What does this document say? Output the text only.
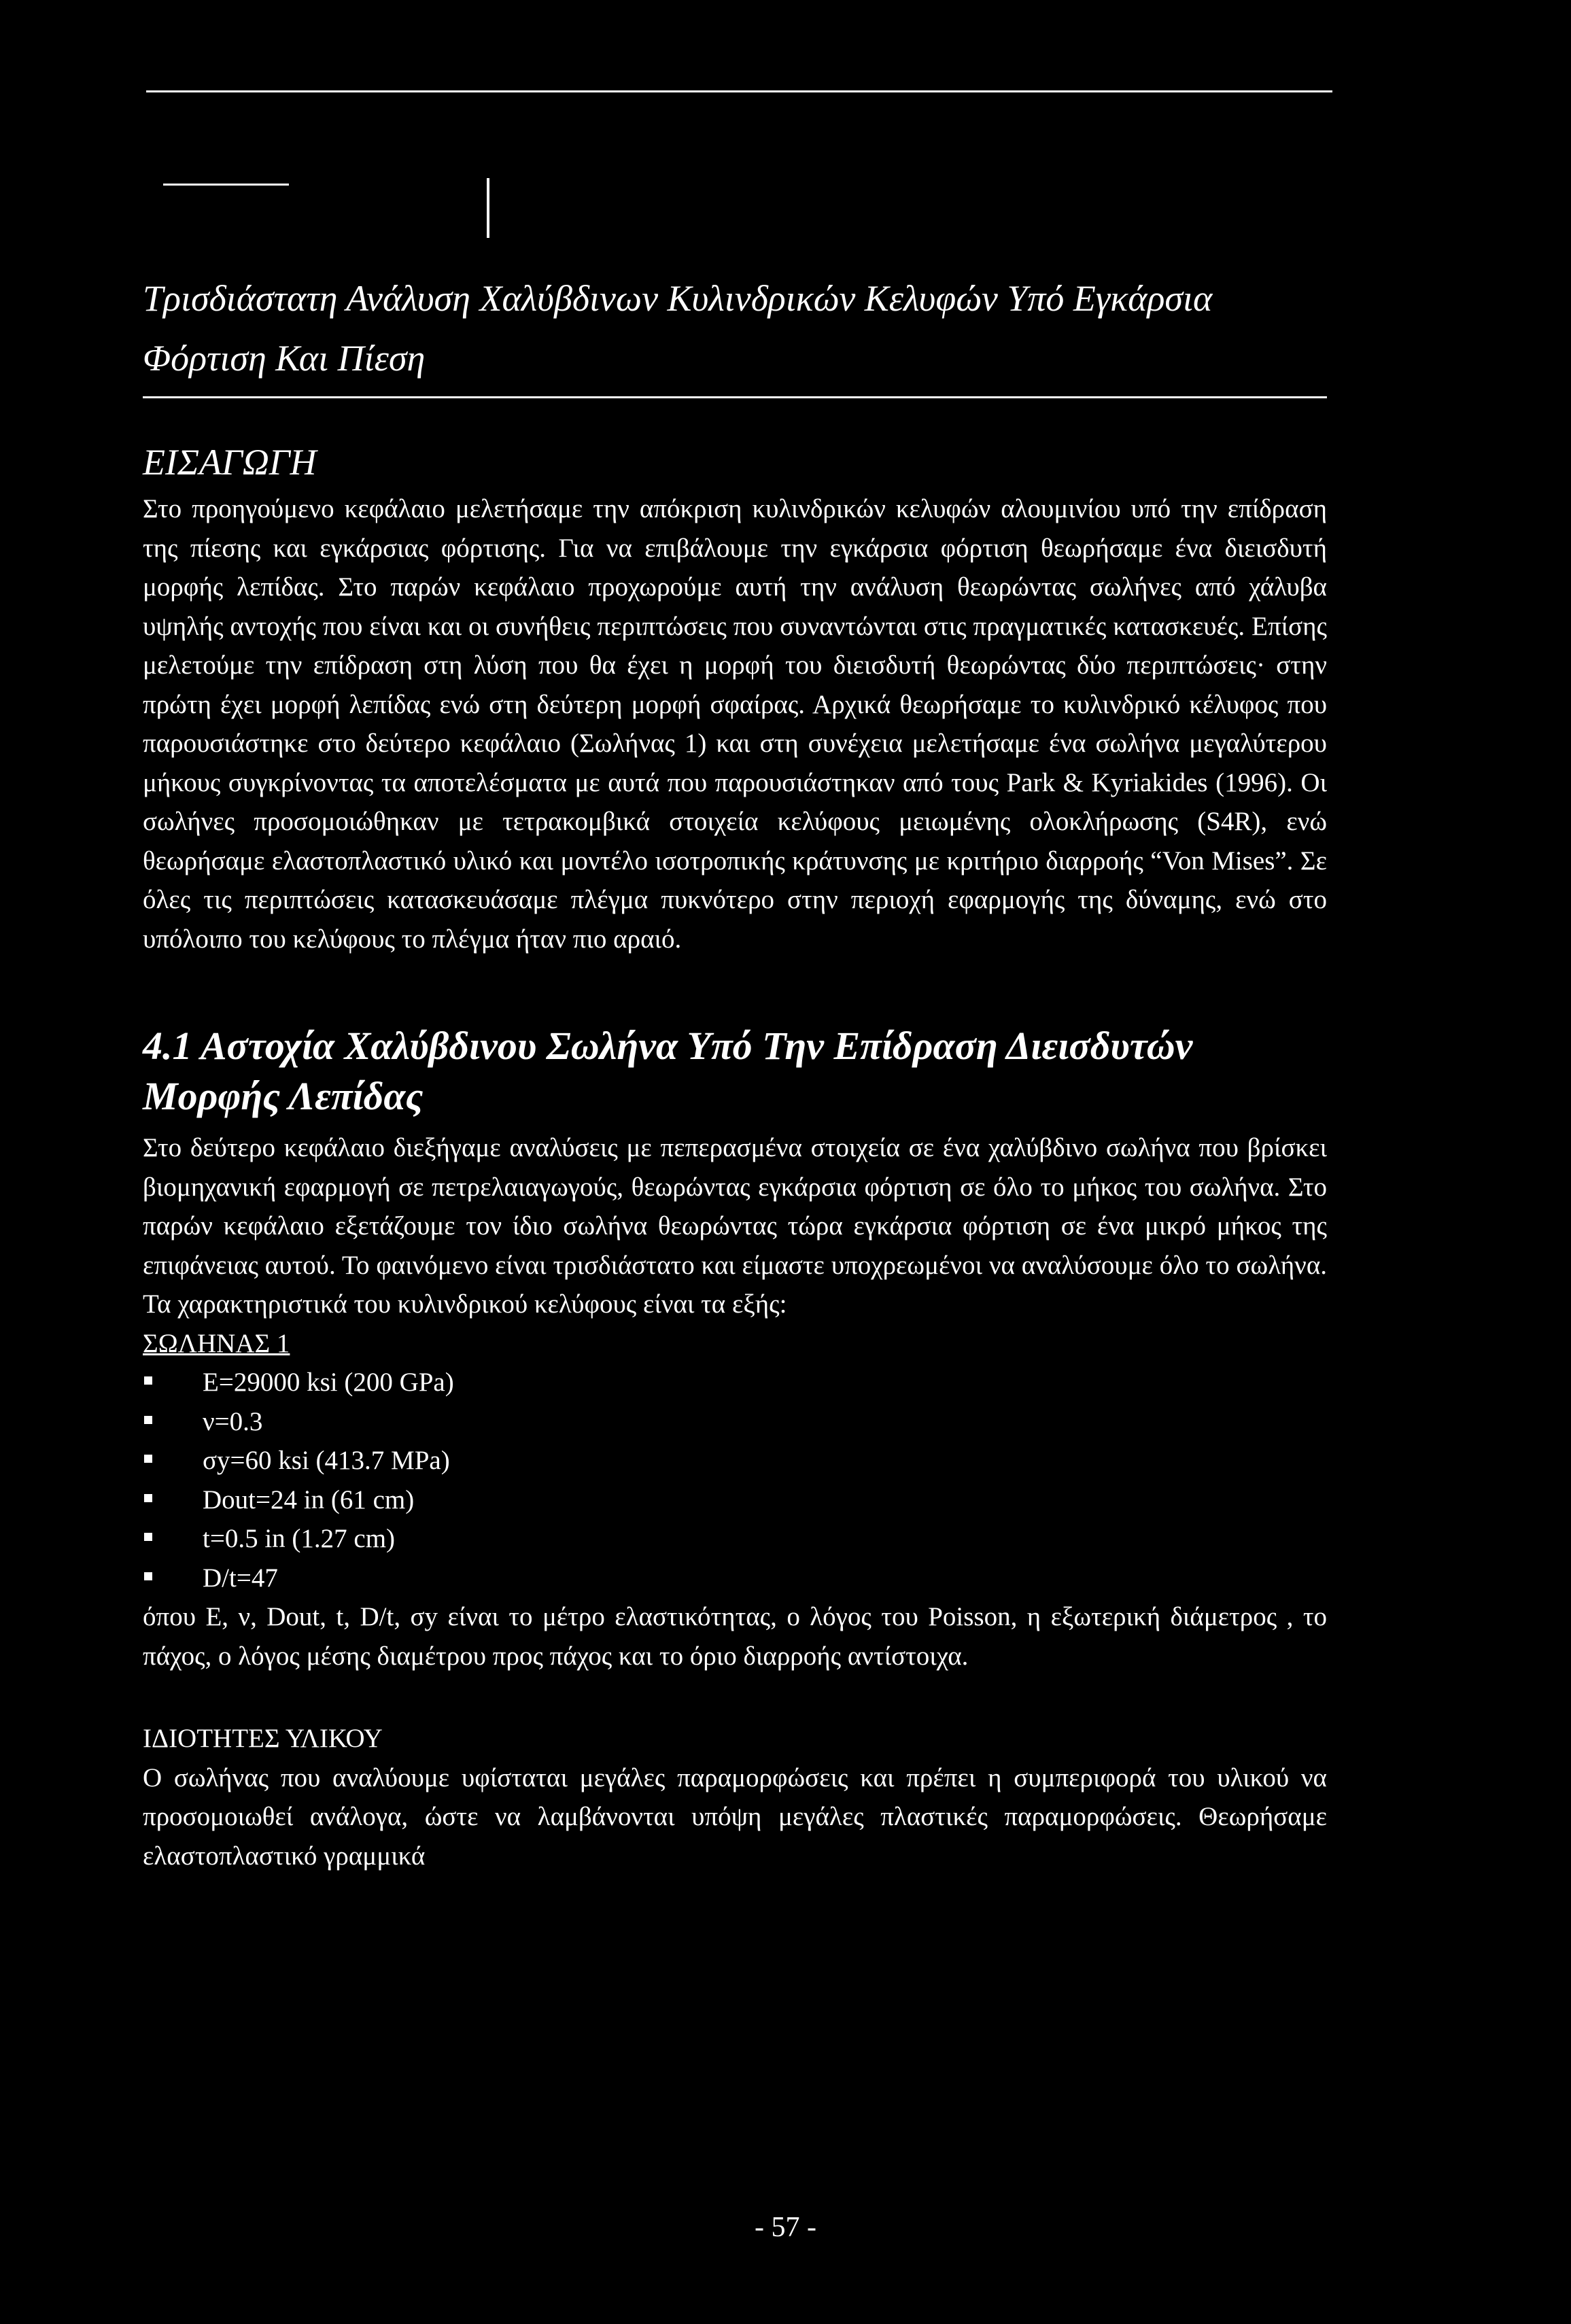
Τρισδιάστατη Ανάλυση Χαλύβδινων Κυλινδρικών Κελυφών Υπό Εγκάρσια Φόρτιση Και Πίεση

ΕΙΣΑΓΩΓΗ

Στο προηγούμενο κεφάλαιο μελετήσαμε την απόκριση κυλινδρικών κελυφών αλουμινίου υπό την επίδραση της πίεσης και εγκάρσιας φόρτισης. Για να επιβάλουμε την εγκάρσια φόρτιση θεωρήσαμε ένα διεισδυτή μορφής λεπίδας. Στο παρών κεφάλαιο προχωρούμε αυτή την ανάλυση θεωρώντας σωλήνες από χάλυβα υψηλής αντοχής που είναι και οι συνήθεις περιπτώσεις που συναντώνται στις πραγματικές κατασκευές. Επίσης μελετούμε την επίδραση στη λύση που θα έχει η μορφή του διεισδυτή θεωρώντας δύο περιπτώσεις· στην πρώτη έχει μορφή λεπίδας ενώ στη δεύτερη μορφή σφαίρας. Αρχικά θεωρήσαμε το κυλινδρικό κέλυφος που παρουσιάστηκε στο δεύτερο κεφάλαιο (Σωλήνας 1) και στη συνέχεια μελετήσαμε ένα σωλήνα μεγαλύτερου μήκους συγκρίνοντας τα αποτελέσματα με αυτά που παρουσιάστηκαν από τους Park & Kyriakides (1996). Οι σωλήνες προσομοιώθηκαν με τετρακομβικά στοιχεία κελύφους μειωμένης ολοκλήρωσης (S4R), ενώ θεωρήσαμε ελαστοπλαστικό υλικό και μοντέλο ισοτροπικής κράτυνσης με κριτήριο διαρροής “Von Mises”. Σε όλες τις περιπτώσεις κατασκευάσαμε πλέγμα πυκνότερο στην περιοχή εφαρμογής της δύναμης, ενώ στο υπόλοιπο του κελύφους το πλέγμα ήταν πιο αραιό.

4.1 Αστοχία Χαλύβδινου Σωλήνα Υπό Την Επίδραση Διεισδυτών Μορφής Λεπίδας

Στο δεύτερο κεφάλαιο διεξήγαμε αναλύσεις με πεπερασμένα στοιχεία σε ένα χαλύβδινο σωλήνα που βρίσκει βιομηχανική εφαρμογή σε πετρελαιαγωγούς, θεωρώντας εγκάρσια φόρτιση σε όλο το μήκος του σωλήνα. Στο παρών κεφάλαιο εξετάζουμε τον ίδιο σωλήνα θεωρώντας τώρα εγκάρσια φόρτιση σε ένα μικρό μήκος της επιφάνειας αυτού. Το φαινόμενο είναι τρισδιάστατο και είμαστε υποχρεωμένοι να αναλύσουμε όλο το σωλήνα. Τα χαρακτηριστικά του κυλινδρικού κελύφους είναι τα εξής:

ΣΩΛΗΝΑΣ 1

E=29000 ksi (200 GPa)
ν=0.3
σy=60 ksi (413.7 MPa)
Dout=24 in (61 cm)
t=0.5 in (1.27 cm)
D/t=47

όπου E, ν, Dout, t, D/t, σy είναι το μέτρο ελαστικότητας, ο λόγος του Poisson, η εξωτερική διάμετρος , το πάχος, ο λόγος μέσης διαμέτρου προς πάχος και το όριο διαρροής αντίστοιχα.

ΙΔΙΟΤΗΤΕΣ ΥΛΙΚΟΥ

Ο σωλήνας που αναλύουμε υφίσταται μεγάλες παραμορφώσεις και πρέπει η συμπεριφορά του υλικού να προσομοιωθεί ανάλογα, ώστε να λαμβάνονται υπόψη μεγάλες πλαστικές παραμορφώσεις. Θεωρήσαμε ελαστοπλαστικό γραμμικά

- 57 -
